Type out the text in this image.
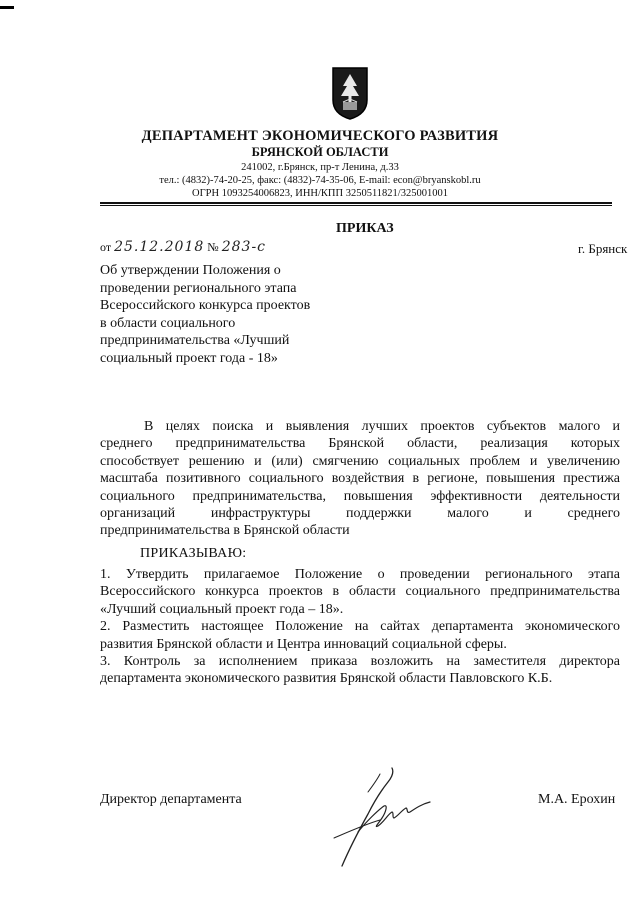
ДЕПАРТАМЕНТ ЭКОНОМИЧЕСКОГО РАЗВИТИЯ
БРЯНСКОЙ ОБЛАСТИ
241002, г.Брянск, пр-т Ленина, д.33
тел.: (4832)-74-20-25, факс: (4832)-74-35-06, E-mail: econ@bryanskobl.ru
ОГРН 1093254006823, ИНН/КПП 3250511821/325001001
ПРИКАЗ
от 25.12.2018 № 283-с	г. Брянск
Об утверждении Положения о
проведении регионального этапа
Всероссийского конкурса проектов
в области социального
предпринимательства «Лучший
социальный проект года - 18»
В целях поиска и выявления лучших проектов субъектов малого и
среднего предпринимательства Брянской области, реализация которых
способствует решению и (или) смягчению социальных проблем и увеличению
масштаба позитивного социального воздействия в регионе, повышения престижа
социального предпринимательства, повышения эффективности деятельности
организаций инфраструктуры поддержки малого и среднего
предпринимательства в Брянской области
ПРИКАЗЫВАЮ:
1. Утвердить прилагаемое Положение о проведении регионального этапа
Всероссийского конкурса проектов в области социального предпринимательства
«Лучший социальный проект года – 18».
2. Разместить настоящее Положение на сайтах департамента экономического
развития Брянской области и Центра инноваций социальной сферы.
3. Контроль за исполнением приказа возложить на заместителя директора
департамента экономического развития Брянской области Павловского К.Б.
Директор департамента	М.А. Ерохин
